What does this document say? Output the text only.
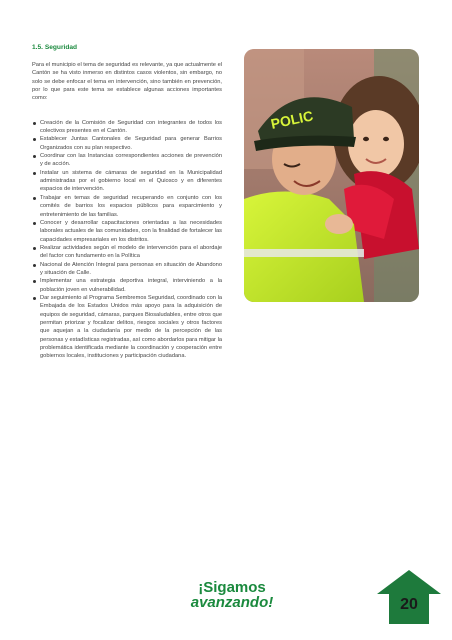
1.5. Seguridad

Para el municipio el tema de seguridad es relevante, ya que actualmente el Cantón se ha visto inmerso en distintos casos violentos, sin embargo, no solo se debe enfocar el tema en intervención, sino también en prevención, por lo que para este tema se establece algunas acciones importantes como:

Creación de la Comisión de Seguridad con integrantes de todos los colectivos presentes en el Cantón.
Establecer Juntas Cantonales de Seguridad para generar Barrios Organizados con su plan respectivo.
Coordinar con las Instancias correspondientes acciones de prevención y de acción.
Instalar un sistema de cámaras de seguridad en la Municipalidad administradas por el gobierno local en el Quiosco y en diferentes espacios de intervención.
Trabajar en temas de seguridad recuperando en conjunto con los comités de barrios los espacios públicos para esparcimiento y entretenimiento de las familias.
Conocer y desarrollar capacitaciones orientadas a las necesidades laborales actuales de las comunidades, con la finalidad de fortalecer las capacidades empresariales en los distritos.
Realizar actividades según el modelo de intervención para el abordaje del factor con fundamento en la Política
Nacional de Atención Integral para personas en situación de Abandono y situación de Calle.
Implementar una estrategia deportiva integral, interviniendo a la población joven en vulnerabilidad.
Dar seguimiento al Programa Sembremos Seguridad, coordinado con la Embajada de los Estados Unidos más apoyo para la adquisición de equipos de seguridad, cámaras, parques Biosaludables, entre otros que permitan priorizar y focalizar delitos, riesgos sociales y otros factores que aquejan a la ciudadanía por medio de la percepción de las personas y estadísticas registradas, así como abordarlos para mitigar la problemática identificada mediante la coordinación y cooperación entre gobiernos locales, instituciones y participación ciudadana.
POLIC
¡Sigamos
avanzando!	20
